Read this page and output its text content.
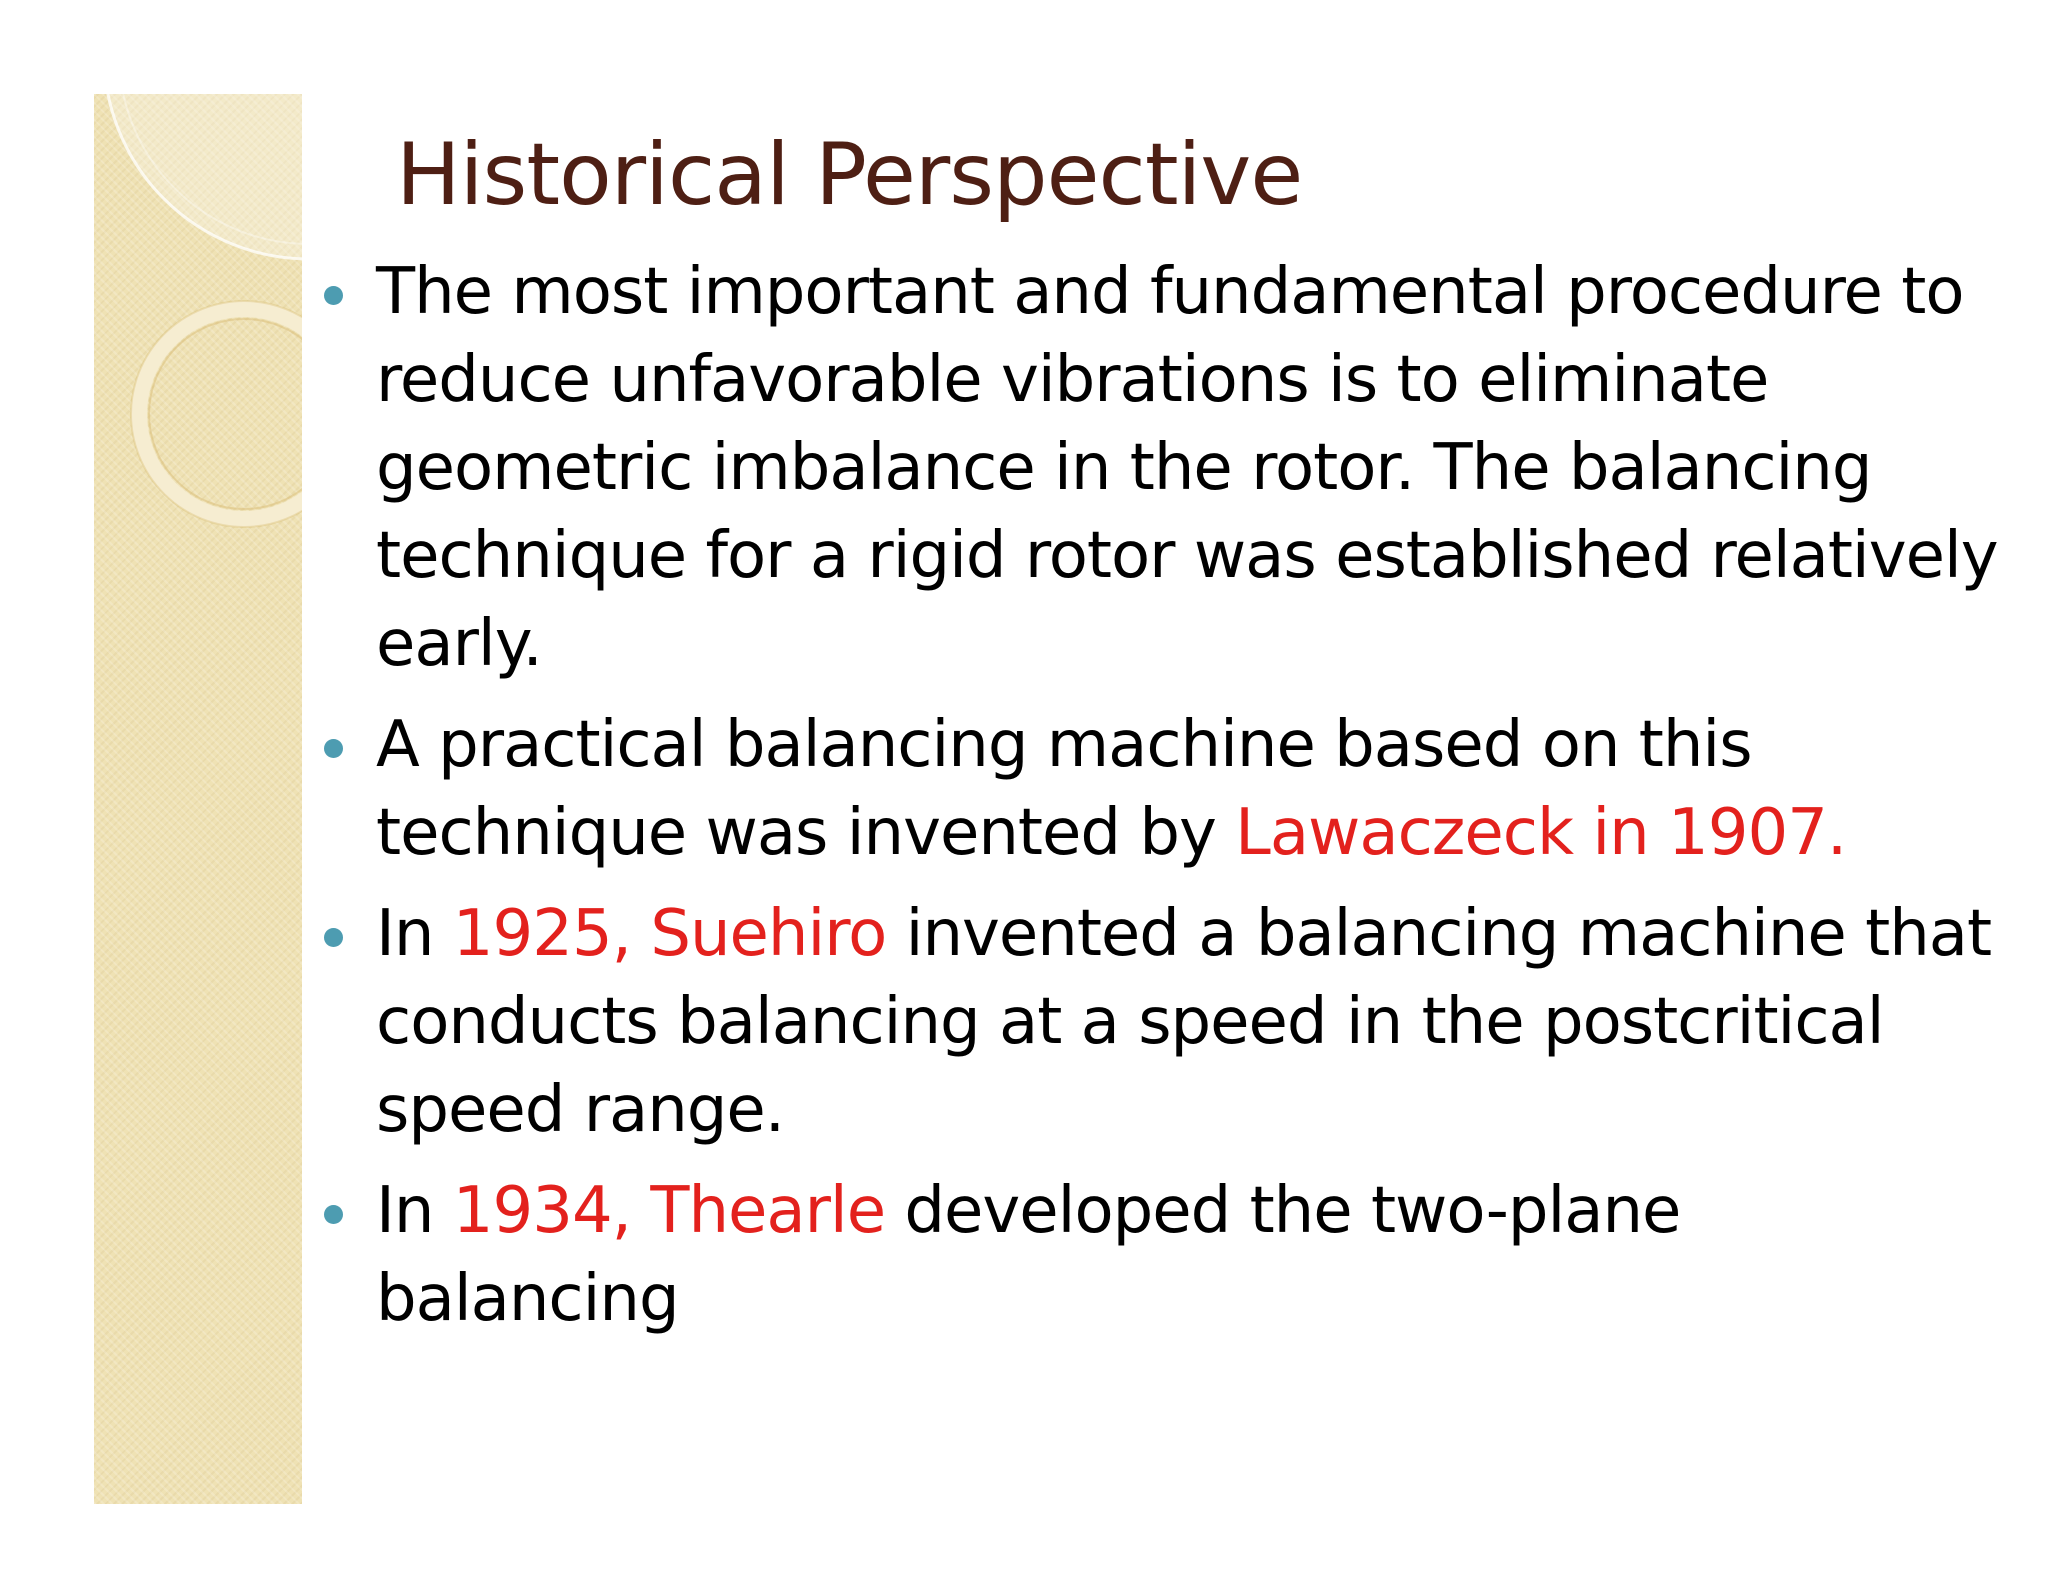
Historical Perspective
The most important and fundamental procedure to reduce unfavorable vibrations is to eliminate geometric imbalance in the rotor. The balancing technique for a rigid rotor was established relatively early.
A practical balancing machine based on this technique was invented by Lawaczeck in 1907.
In 1925, Suehiro invented a balancing machine that conducts balancing at a speed in the postcritical speed range.
In 1934, Thearle developed the two-plane balancing
